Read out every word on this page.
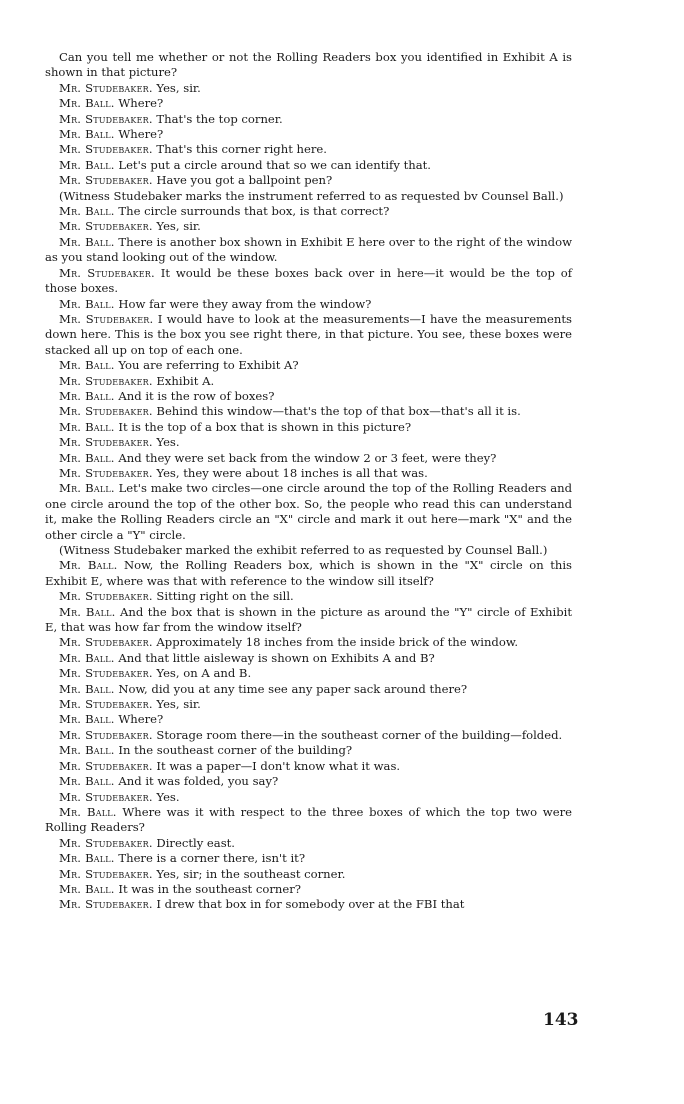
Can you tell me whether or not the Rolling Readers box you identified in Exhibit A is shown in that picture?

Mr. Studebaker. Yes, sir.

Mr. Ball. Where?

Mr. Studebaker. That's the top corner.

Mr. Ball. Where?

Mr. Studebaker. That's this corner right here.

Mr. Ball. Let's put a circle around that so we can identify that.

Mr. Studebaker. Have you got a ballpoint pen?

(Witness Studebaker marks the instrument referred to as requested bv Counsel Ball.)

Mr. Ball. The circle surrounds that box, is that correct?

Mr. Studebaker. Yes, sir.

Mr. Ball. There is another box shown in Exhibit E here over to the right of the window as you stand looking out of the window.

Mr. Studebaker. It would be these boxes back over in here—it would be the top of those boxes.

Mr. Ball. How far were they away from the window?

Mr. Studebaker. I would have to look at the measurements—I have the measurements down here. This is the box you see right there, in that picture. You see, these boxes were stacked all up on top of each one.

Mr. Ball. You are referring to Exhibit A?

Mr. Studebaker. Exhibit A.

Mr. Ball. And it is the row of boxes?

Mr. Studebaker. Behind this window—that's the top of that box—that's all it is.

Mr. Ball. It is the top of a box that is shown in this picture?

Mr. Studebaker. Yes.

Mr. Ball. And they were set back from the window 2 or 3 feet, were they?

Mr. Studebaker. Yes, they were about 18 inches is all that was.

Mr. Ball. Let's make two circles—one circle around the top of the Rolling Readers and one circle around the top of the other box. So, the people who read this can understand it, make the Rolling Readers circle an "X" circle and mark it out here—mark "X" and the other circle a "Y" circle.

(Witness Studebaker marked the exhibit referred to as requested by Counsel Ball.)

Mr. Ball. Now, the Rolling Readers box, which is shown in the "X" circle on this Exhibit E, where was that with reference to the window sill itself?

Mr. Studebaker. Sitting right on the sill.

Mr. Ball. And the box that is shown in the picture as around the "Y" circle of Exhibit E, that was how far from the window itself?

Mr. Studebaker. Approximately 18 inches from the inside brick of the window.

Mr. Ball. And that little aisleway is shown on Exhibits A and B?

Mr. Studebaker. Yes, on A and B.

Mr. Ball. Now, did you at any time see any paper sack around there?

Mr. Studebaker. Yes, sir.

Mr. Ball. Where?

Mr. Studebaker. Storage room there—in the southeast corner of the building—folded.

Mr. Ball. In the southeast corner of the building?

Mr. Studebaker. It was a paper—I don't know what it was.

Mr. Ball. And it was folded, you say?

Mr. Studebaker. Yes.

Mr. Ball. Where was it with respect to the three boxes of which the top two were Rolling Readers?

Mr. Studebaker. Directly east.

Mr. Ball. There is a corner there, isn't it?

Mr. Studebaker. Yes, sir; in the southeast corner.

Mr. Ball. It was in the southeast corner?

Mr. Studebaker. I drew that box in for somebody over at the FBI that

143
